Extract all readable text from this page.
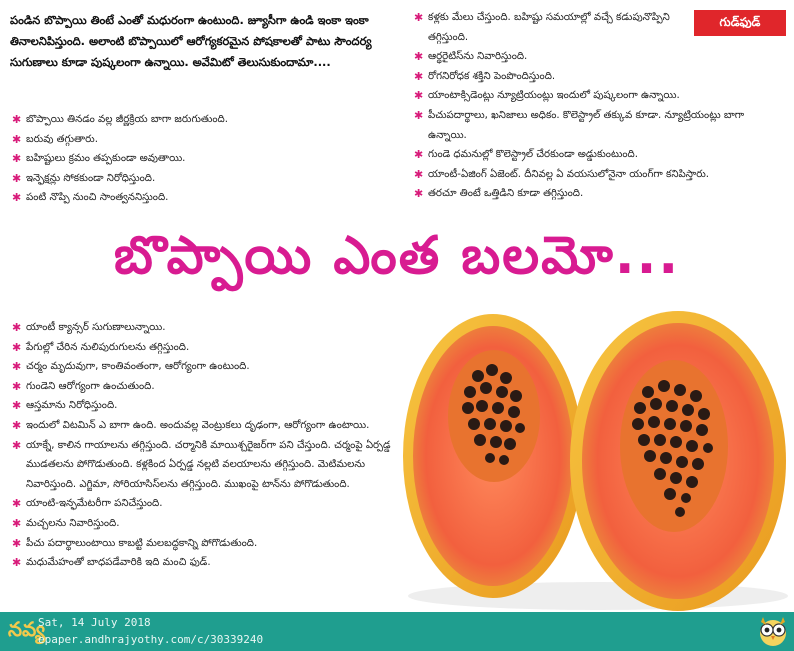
పండిన బొప్పాయి తింటే ఎంతో మధురంగా ఉంటుంది. జ్యూసీగా ఉండి ఇంకా ఇంకా తినాలనిపిస్తుంది. అలాంటి బొప్పాయిలో ఆరోగ్యకరమైన పోషకాలతో పాటు సౌందర్య సుగుణాలు కూడా పుష్కలంగా ఉన్నాయి. అవేమిటో తెలుసుకుందామా....
✱ బొప్పాయి తినడం వల్ల జీర్ణక్రియ బాగా జరుగుతుంది.
✱ బరువు తగ్గుతారు.
✱ బహిష్టులు క్రమం తప్పకుండా అవుతాయి.
✱ ఇన్ఫెక్షన్లు సోకకుండా నిరోధిస్తుంది.
✱ పంటి నొప్పి నుంచి సాంత్వననిస్తుంది.
✱ కళ్లకు మేలు చేస్తుంది. బహిష్టు సమయాల్లో వచ్చే కడుపునొప్పిని తగ్గిస్తుంది.
✱ ఆర్థరైటిస్‌ను నివారిస్తుంది.
✱ రోగనిరోధక శక్తిని పెంపొందిస్తుంది.
✱ యాంటాక్సిడెంట్లు న్యూట్రియంట్లు ఇందులో పుష్కలంగా ఉన్నాయి.
✱ పీచుపదార్థాలు, ఖనిజాలు అధికం. కొలెస్ట్రాల్ తక్కువ కూడా. న్యూట్రియంట్లు బాగా ఉన్నాయి.
✱ గుండె ధమనుల్లో కొలెస్ట్రాల్ చేరకుండా అడ్డుకుంటుంది.
✱ యాంటీ-ఏజింగ్ ఏజెంట్. దీనివల్ల ఏ వయసులోనైనా యంగ్‌గా కనిపిస్తారు.
✱ తరచూ తింటే ఒత్తిడిని కూడా తగ్గిస్తుంది.
గుడ్‌ఫుడ్
బొప్పాయి ఎంత బలమో...
✱ యాంటీ క్యాన్సర్ సుగుణాలున్నాయి.
✱ పేగుల్లో చేరిన నులిపురుగులను తగ్గిస్తుంది.
✱ చర్మం మృదువుగా, కాంతివంతంగా, ఆరోగ్యంగా ఉంటుంది.
✱ గుండెని ఆరోగ్యంగా ఉంచుతుంది.
✱ ఆస్తమాను నిరోధిస్తుంది.
✱ ఇందులో విటమిన్ ఎ బాగా ఉంది. అందువల్ల వెంట్రుకలు దృఢంగా, ఆరోగ్యంగా ఉంటాయి.
✱ యాక్నే, కాలిన గాయాలను తగ్గిస్తుంది. చర్మానికి మాయిశ్చరైజర్‌గా పని చేస్తుంది. చర్మంపై ఏర్పడ్డ ముడతలను పోగొడుతుంది. కళ్లకింద ఏర్పడ్డ నల్లటి వలయాలను తగ్గిస్తుంది. మెటిమలను నివారిస్తుంది. ఎగ్జిమా, సోరియాసిస్‌లను తగ్గిస్తుంది. ముఖంపై టాన్‌ను పోగొడుతుంది.
✱ యాంటి-ఇన్ఫమేటరీగా పనిచేస్తుంది.
✱ మచ్చలను నివారిస్తుంది.
✱ పీచు పదార్థాలుంటాయి కాబట్టి మలబద్ధకాన్ని పోగొడుతుంది.
✱ మధుమేహంతో బాధపడేవారికి ఇది మంచి ఫుడ్.
నవ్య
Sat, 14 July 2018
epaper.andhrajyothy.com/c/30339240
